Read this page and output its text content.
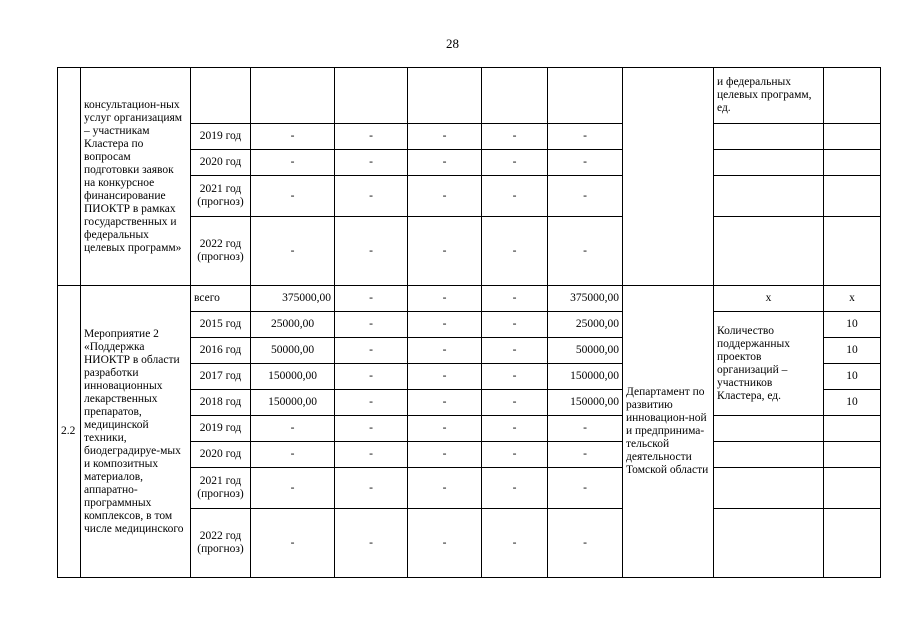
28
	консультацион-ных услуг организациям – участникам Кластера по вопросам подготовки заявок на конкурсное финансирование ПИОКТР в рамках государственных и федеральных целевых программ»								и федеральных целевых программ, ед.	
		2019 год	-	-	-	-	-			
		2020 год	-	-	-	-	-			
		2021 год (прогноз)	-	-	-	-	-			
		2022 год (прогноз)	-	-	-	-	-			
2.2	Мероприятие 2 «Поддержка НИОКТР в области разработки инновационных лекарственных препаратов, медицинской техники, биодеградируе-мых и композитных материалов, аппаратно-программных комплексов, в том числе медицинского	всего	375000,00	-	-	-	375000,00	Департамент по развитию инновацион-ной и предпринима-тельской деятельности Томской области	х	х
		2015 год	25000,00	-	-	-	25000,00		Количество поддержанных проектов организаций – участников Кластера, ед.	10
		2016 год	50000,00	-	-	-	50000,00			10
		2017 год	150000,00	-	-	-	150000,00			10
		2018 год	150000,00	-	-	-	150000,00			10
		2019 год	-	-	-	-	-			
		2020 год	-	-	-	-	-			
		2021 год (прогноз)	-	-	-	-	-			
		2022 год (прогноз)	-	-	-	-	-			
